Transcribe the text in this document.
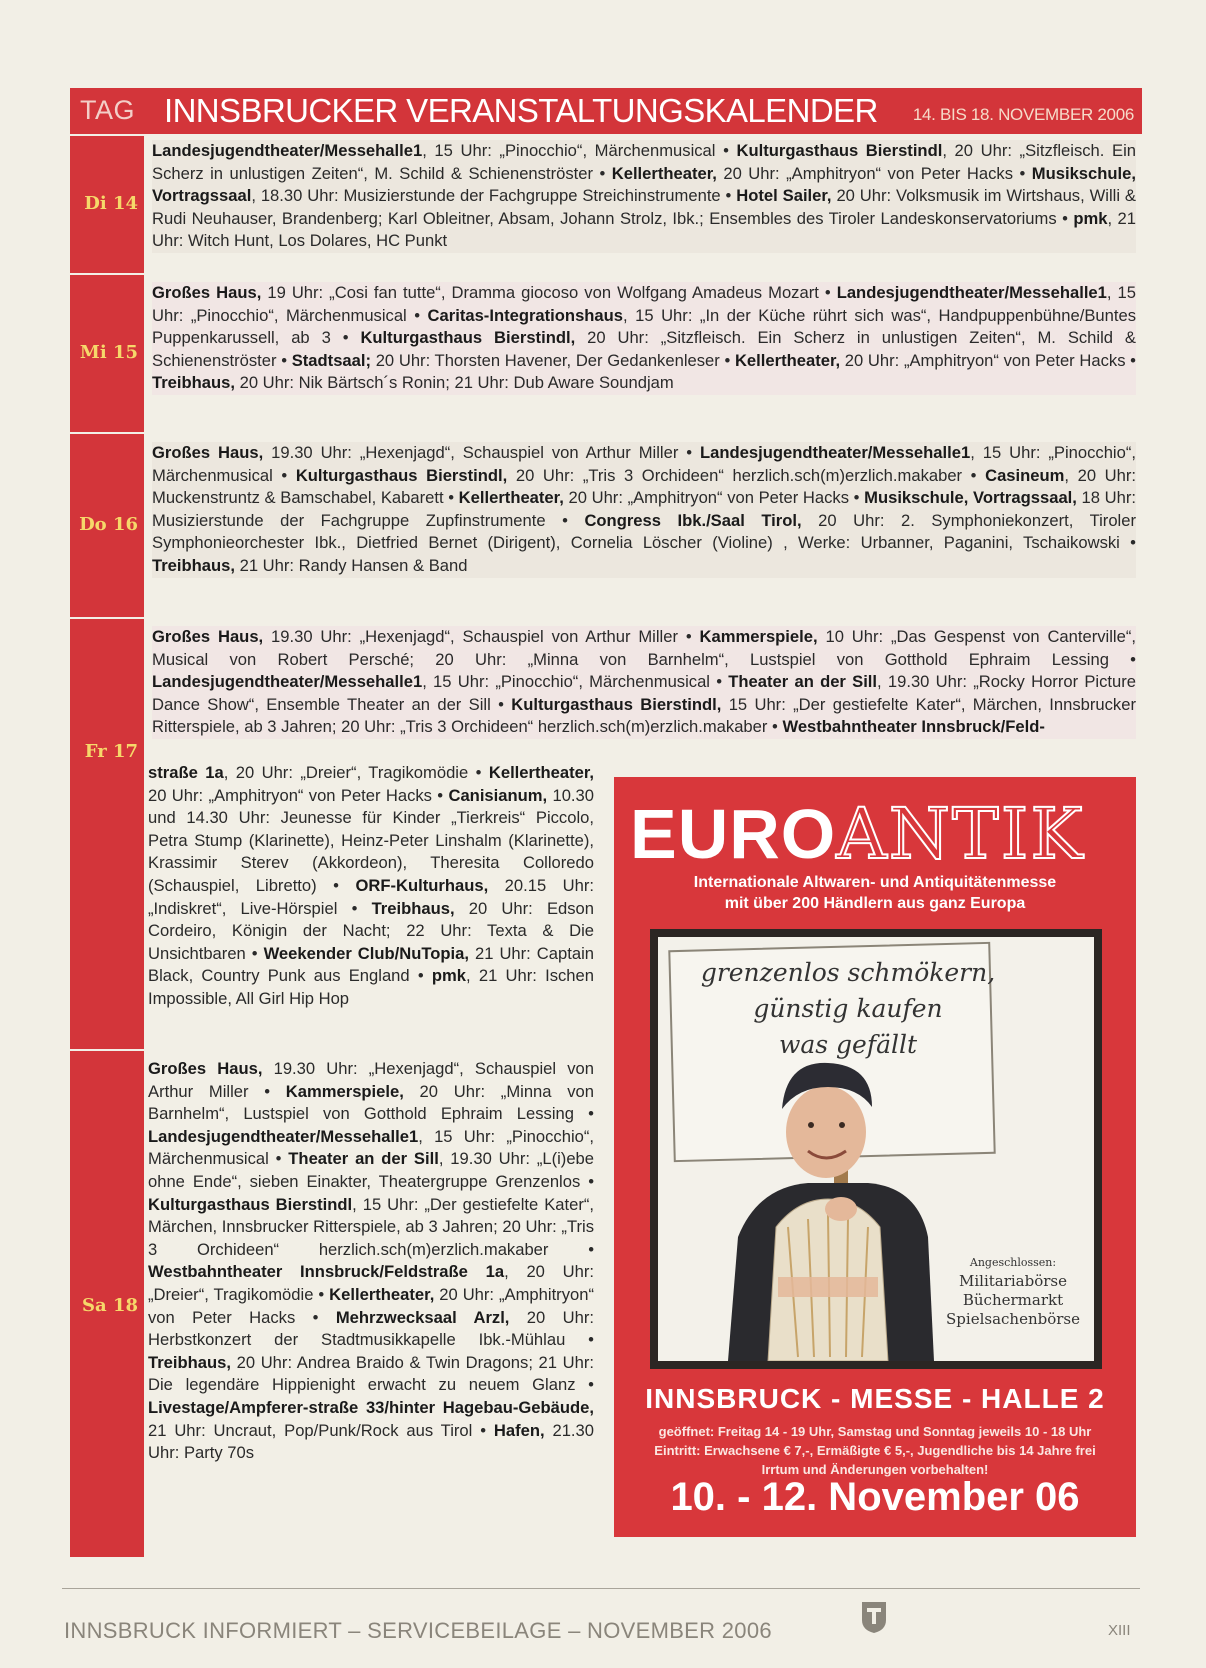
TAG INNSBRUCKER VERANSTALTUNGSKALENDER 14. BIS 18. NOVEMBER 2006
Di 14
Landesjugendtheater/Messehalle1, 15 Uhr: „Pinocchio“, Märchenmusical • Kulturgasthaus Bierstindl, 20 Uhr: „Sitzfleisch. Ein Scherz in unlustigen Zeiten“, M. Schild & Schienenströster • Kellertheater, 20 Uhr: „Amphitryon“ von Peter Hacks • Musikschule, Vortragssaal, 18.30 Uhr: Musizierstunde der Fachgruppe Streichinstrumente • Hotel Sailer, 20 Uhr: Volksmusik im Wirtshaus, Willi & Rudi Neuhauser, Brandenberg; Karl Obleitner, Absam, Johann Strolz, Ibk.; Ensembles des Tiroler Landeskonservatoriums • pmk, 21 Uhr: Witch Hunt, Los Dolares, HC Punkt
Mi 15
Großes Haus, 19 Uhr: „Cosi fan tutte“, Dramma giocoso von Wolfgang Amadeus Mozart • Landesjugendtheater/Messehalle1, 15 Uhr: „Pinocchio“, Märchenmusical • Caritas-Integrationshaus, 15 Uhr: „In der Küche rührt sich was“, Handpuppenbühne/Buntes Puppenkarussell, ab 3 • Kulturgasthaus Bierstindl, 20 Uhr: „Sitzfleisch. Ein Scherz in unlustigen Zeiten“, M. Schild & Schienenströster • Stadtsaal; 20 Uhr: Thorsten Havener, Der Gedankenleser • Kellertheater, 20 Uhr: „Amphitryon“ von Peter Hacks • Treibhaus, 20 Uhr: Nik Bärtsch´s Ronin; 21 Uhr: Dub Aware Soundjam
Do 16
Großes Haus, 19.30 Uhr: „Hexenjagd“, Schauspiel von Arthur Miller • Landesjugendtheater/Messehalle1, 15 Uhr: „Pinocchio“, Märchenmusical • Kulturgasthaus Bierstindl, 20 Uhr: „Tris 3 Orchideen“ herzlich.sch(m)erzlich.makaber • Casineum, 20 Uhr: Muckenstruntz & Bamschabel, Kabarett • Kellertheater, 20 Uhr: „Amphitryon“ von Peter Hacks • Musikschule, Vortragssaal, 18 Uhr: Musizierstunde der Fachgruppe Zupfinstrumente • Congress Ibk./Saal Tirol, 20 Uhr: 2. Symphoniekonzert, Tiroler Symphonieorchester Ibk., Dietfried Bernet (Dirigent), Cornelia Löscher (Violine) , Werke: Urbanner, Paganini, Tschaikowski • Treibhaus, 21 Uhr: Randy Hansen & Band
Fr 17
Großes Haus, 19.30 Uhr: „Hexenjagd“, Schauspiel von Arthur Miller • Kammerspiele, 10 Uhr: „Das Gespenst von Canterville“, Musical von Robert Persché; 20 Uhr: „Minna von Barnhelm“, Lustspiel von Gotthold Ephraim Lessing • Landesjugendtheater/Messehalle1, 15 Uhr: „Pinocchio“, Märchenmusical • Theater an der Sill, 19.30 Uhr: „Rocky Horror Picture Dance Show“, Ensemble Theater an der Sill • Kulturgasthaus Bierstindl, 15 Uhr: „Der gestiefelte Kater“, Märchen, Innsbrucker Ritterspiele, ab 3 Jahren; 20 Uhr: „Tris 3 Orchideen“ herzlich.sch(m)erzlich.makaber • Westbahntheater Innsbruck/Feld-
straße 1a, 20 Uhr: „Dreier“, Tragikomödie • Kellertheater, 20 Uhr: „Amphitryon“ von Peter Hacks • Canisianum, 10.30 und 14.30 Uhr: Jeunesse für Kinder „Tierkreis“ Piccolo, Petra Stump (Klarinette), Heinz-Peter Linshalm (Klarinette), Krassimir Sterev (Akkordeon), Theresita Colloredo (Schauspiel, Libretto) • ORF-Kulturhaus, 20.15 Uhr: „Indiskret“, Live-Hörspiel • Treibhaus, 20 Uhr: Edson Cordeiro, Königin der Nacht; 22 Uhr: Texta & Die Unsichtbaren • Weekender Club/NuTopia, 21 Uhr: Captain Black, Country Punk aus England • pmk, 21 Uhr: Ischen Impossible, All Girl Hip Hop
Sa 18
Großes Haus, 19.30 Uhr: „Hexenjagd“, Schauspiel von Arthur Miller • Kammerspiele, 20 Uhr: „Minna von Barnhelm“, Lustspiel von Gotthold Ephraim Lessing • Landesjugendtheater/Messehalle1, 15 Uhr: „Pinocchio“, Märchenmusical • Theater an der Sill, 19.30 Uhr: „L(i)ebe ohne Ende“, sieben Einakter, Theatergruppe Grenzenlos • Kulturgasthaus Bierstindl, 15 Uhr: „Der gestiefelte Kater“, Märchen, Innsbrucker Ritterspiele, ab 3 Jahren; 20 Uhr: „Tris 3 Orchideen“ herzlich.sch(m)erzlich.makaber • Westbahntheater Innsbruck/Feldstraße 1a, 20 Uhr: „Dreier“, Tragikomödie • Kellertheater, 20 Uhr: „Amphitryon“ von Peter Hacks • Mehrzwecksaal Arzl, 20 Uhr: Herbstkonzert der Stadtmusikkapelle Ibk.-Mühlau • Treibhaus, 20 Uhr: Andrea Braido & Twin Dragons; 21 Uhr: Die legendäre Hippienight erwacht zu neuem Glanz • Livestage/Ampferer-straße 33/hinter Hagebau-Gebäude, 21 Uhr: Uncraut, Pop/Punk/Rock aus Tirol • Hafen, 21.30 Uhr: Party 70s
EUROANTIK
Internationale Altwaren- und Antiquitätenmesse
mit über 200 Händlern aus ganz Europa
grenzenlos schmökern,
günstig kaufen
was gefällt
Angeschlossen:
Militariabörse
Büchermarkt
Spielsachenbörse
INNSBRUCK - MESSE - HALLE 2
geöffnet: Freitag 14 - 19 Uhr, Samstag und Sonntag jeweils 10 - 18 Uhr
Eintritt: Erwachsene € 7,-, Ermäßigte € 5,-, Jugendliche bis 14 Jahre frei
Irrtum und Änderungen vorbehalten!
10. - 12. November 06
INNSBRUCK INFORMIERT – SERVICEBEILAGE – NOVEMBER 2006	XIII
